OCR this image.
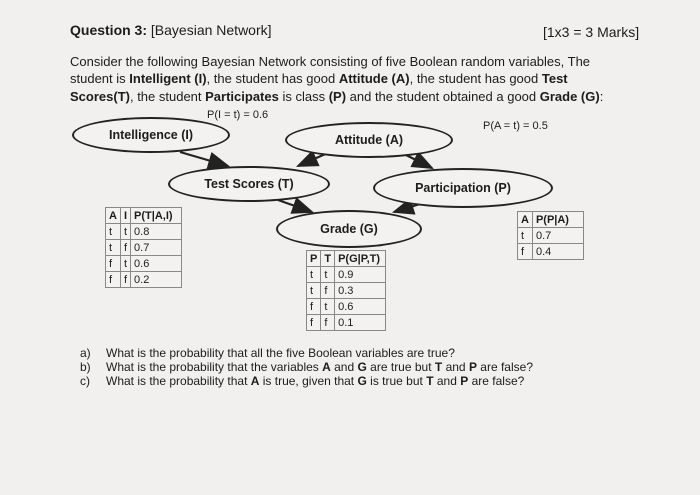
Question 3: [Bayesian Network]	[1x3 = 3 Marks]
Consider the following Bayesian Network consisting of five Boolean random variables, The
student is Intelligent (I), the student has good Attitude (A), the student has good Test
Scores(T), the student Participates is class (P) and the student obtained a good Grade (G):
P(I = t) = 0.6
P(A = t) = 0.5
Intelligence (I)	Attitude (A)
Test Scores (T)	Participation (P)
Grade (G)
A	I	P(T|A,I)
t	t	0.8
t	f	0.7
f	t	0.6
f	f	0.2
P	T	P(G|P,T)
t	t	0.9
t	f	0.3
f	t	0.6
f	f	0.1
A	P(P|A)
t	0.7
f	0.4
a) What is the probability that all the five Boolean variables are true?
b) What is the probability that the variables A and G are true but T and P are false?
c) What is the probability that A is true, given that G is true but T and P are false?
